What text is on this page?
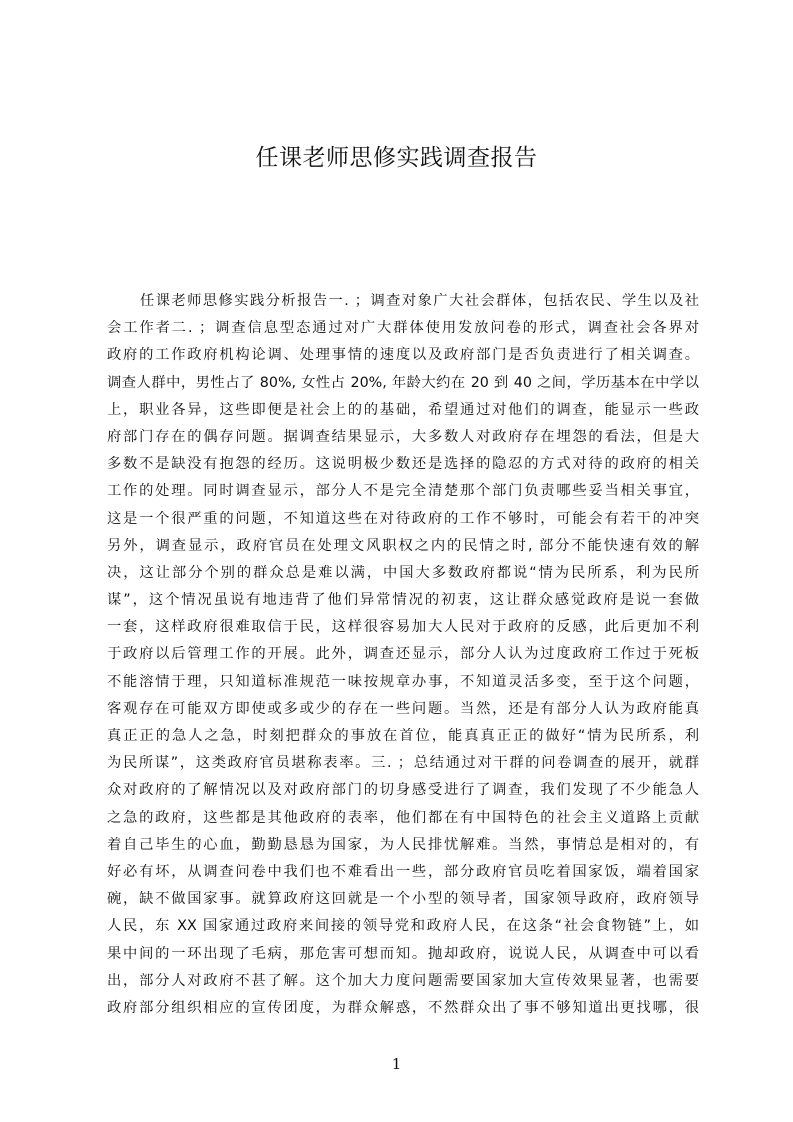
任课老师思修实践调查报告
任课老师思修实践分析报告一. ；调查对象广大社会群体，包括农民、学生以及社
会工作者二. ；调查信息型态通过对广大群体使用发放问卷的形式，调查社会各界对
政府的工作政府机构论调、处理事情的速度以及政府部门是否负责进行了相关调查。
调查人群中，男性占了 80%, 女性占 20%, 年龄大约在 20 到 40 之间，学历基本在中学以
上，职业各异，这些即便是社会上的的基础，希望通过对他们的调查，能显示一些政
府部门存在的偶存问题。据调查结果显示，大多数人对政府存在埋怨的看法，但是大
多数不是缺没有抱怨的经历。这说明极少数还是选择的隐忍的方式对待的政府的相关
工作的处理。同时调查显示，部分人不是完全清楚那个部门负责哪些妥当相关事宜，
这是一个很严重的问题，不知道这些在对待政府的工作不够时，可能会有若干的冲突
另外，调查显示，政府官员在处理文风职权之内的民情之时, 部分不能快速有效的解
决，这让部分个别的群众总是难以满，中国大多数政府都说“情为民所系，利为民所
谋”，这个情况虽说有地违背了他们异常情况的初衷，这让群众感觉政府是说一套做
一套，这样政府很难取信于民，这样很容易加大人民对于政府的反感，此后更加不利
于政府以后管理工作的开展。此外，调查还显示，部分人认为过度政府工作过于死板
不能溶情于理，只知道标准规范一味按规章办事，不知道灵活多变，至于这个问题，
客观存在可能双方即使或多或少的存在一些问题。当然，还是有部分人认为政府能真
真正正的急人之急，时刻把群众的事放在首位，能真真正正的做好“情为民所系，利
为民所谋”，这类政府官员堪称表率。三. ；总结通过对干群的问卷调查的展开，就群
众对政府的了解情况以及对政府部门的切身感受进行了调查，我们发现了不少能急人
之急的政府，这些都是其他政府的表率，他们都在有中国特色的社会主义道路上贡献
着自己毕生的心血，勤勤恳恳为国家，为人民排忧解难。当然，事情总是相对的，有
好必有坏，从调查问卷中我们也不难看出一些，部分政府官员吃着国家饭，端着国家
碗，缺不做国家事。就算政府这回就是一个小型的领导者，国家领导政府，政府领导
人民，东 XX 国家通过政府来间接的领导党和政府人民，在这条“社会食物链”上，如
果中间的一环出现了毛病，那危害可想而知。抛却政府，说说人民，从调查中可以看
出，部分人对政府不甚了解。这个加大力度问题需要国家加大宣传效果显著，也需要
政府部分组织相应的宣传团度，为群众解惑，不然群众出了事不够知道出更找哪，很
1
